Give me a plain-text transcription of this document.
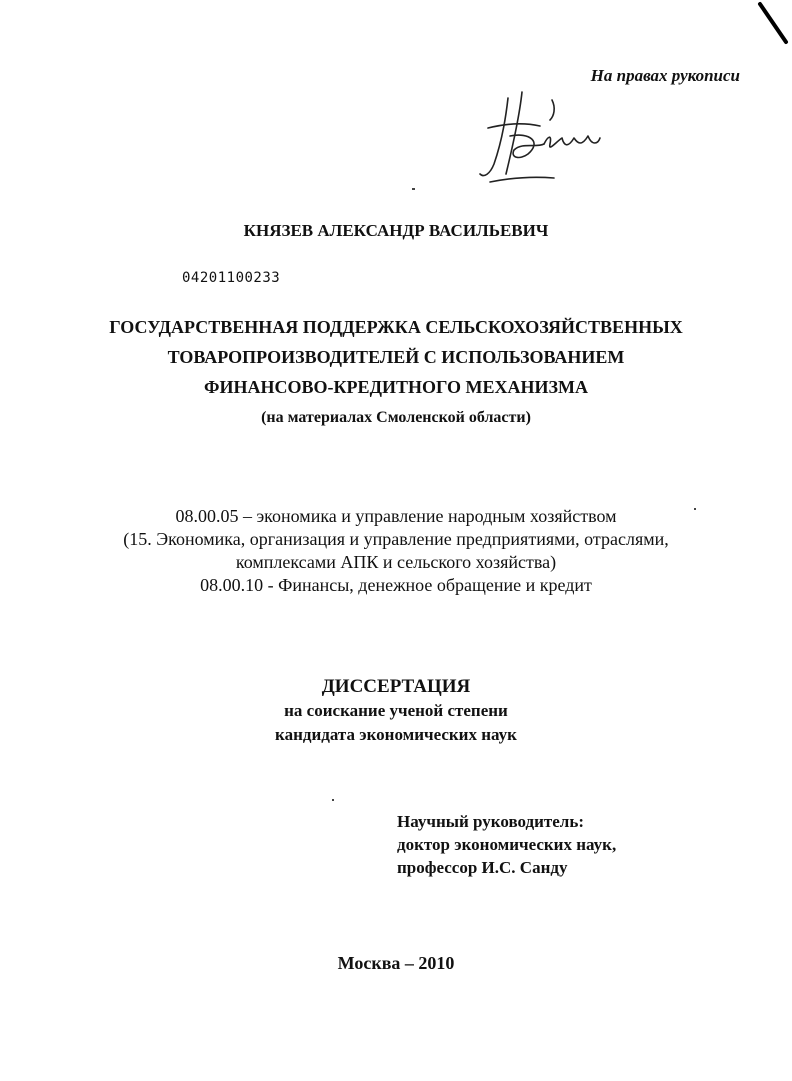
На правах рукописи
КНЯЗЕВ АЛЕКСАНДР ВАСИЛЬЕВИЧ
04201100233
ГОСУДАРСТВЕННАЯ ПОДДЕРЖКА СЕЛЬСКОХОЗЯЙСТВЕННЫХ
ТОВАРОПРОИЗВОДИТЕЛЕЙ С ИСПОЛЬЗОВАНИЕМ
ФИНАНСОВО-КРЕДИТНОГО МЕХАНИЗМА
(на материалах Смоленской области)
08.00.05 – экономика и управление народным хозяйством
(15. Экономика, организация и управление предприятиями, отраслями,
комплексами АПК и сельского хозяйства)
08.00.10 - Финансы, денежное обращение и кредит
ДИССЕРТАЦИЯ
на соискание ученой степени
кандидата экономических наук
Научный руководитель:
доктор экономических наук,
профессор И.С. Санду
Москва – 2010
